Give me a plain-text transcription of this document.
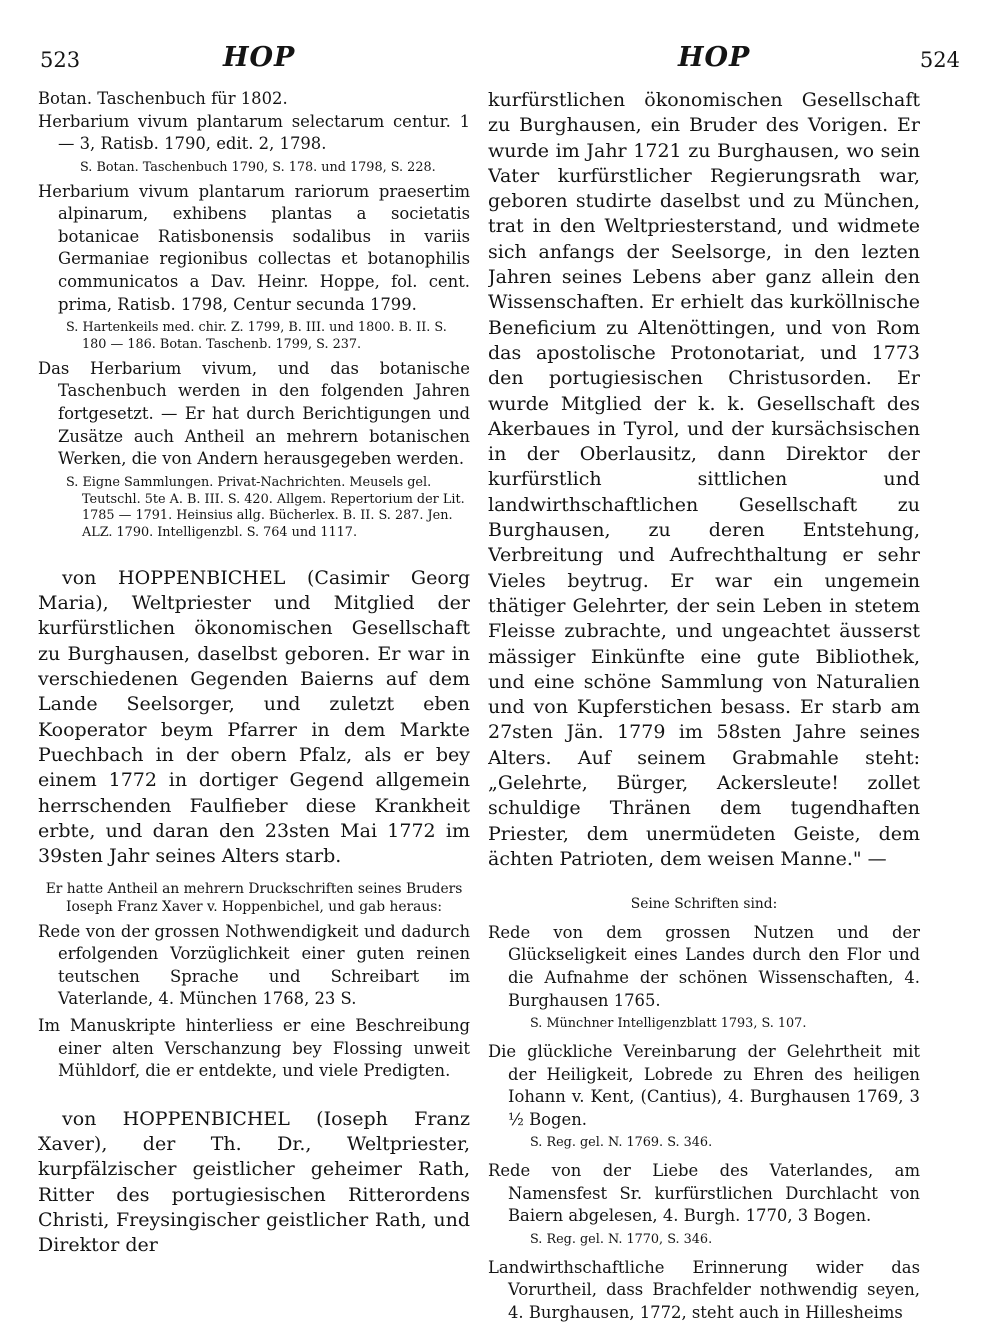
523	HOP	HOP	524
Botan. Taschenbuch für 1802.
Herbarium vivum plantarum selectarum centur. 1 — 3, Ratisb. 1790, edit. 2, 1798.
S. Botan. Taschenbuch 1790, S. 178. und 1798, S. 228.
Herbarium vivum plantarum rariorum praesertim alpinarum, exhibens plantas a societatis botanicae Ratisbonensis sodalibus in variis Germaniae regionibus collectas et botanophilis communicatos a Dav. Heinr. Hoppe, fol. cent. prima, Ratisb. 1798, Centur secunda 1799.
S. Hartenkeils med. chir. Z. 1799, B. III. und 1800. B. II. S. 180 — 186. Botan. Taschenb. 1799, S. 237.
Das Herbarium vivum, und das botanische Taschenbuch werden in den folgenden Jahren fortgesetzt. — Er hat durch Berichtigungen und Zusätze auch Antheil an mehrern botanischen Werken, die von Andern herausgegeben werden.
S. Eigne Sammlungen. Privat-Nachrichten. Meusels gel. Teutschl. 5te A. B. III. S. 420. Allgem. Repertorium der Lit. 1785 — 1791. Heinsius allg. Bücherlex. B. II. S. 287. Jen. ALZ. 1790. Intelligenzbl. S. 764 und 1117.
von HOPPENBICHEL (Casimir Georg Maria), Weltpriester und Mitglied der kurfürstlichen ökonomischen Gesellschaft zu Burghausen, daselbst geboren. Er war in verschiedenen Gegenden Baierns auf dem Lande Seelsorger, und zuletzt eben Kooperator beym Pfarrer in dem Markte Puechbach in der obern Pfalz, als er bey einem 1772 in dortiger Gegend allgemein herrschenden Faulfieber diese Krankheit erbte, und daran den 23sten Mai 1772 im 39sten Jahr seines Alters starb.
Er hatte Antheil an mehrern Druckschriften seines Bruders Ioseph Franz Xaver v. Hoppenbichel, und gab heraus:
Rede von der grossen Nothwendigkeit und dadurch erfolgenden Vorzüglichkeit einer guten reinen teutschen Sprache und Schreibart im Vaterlande, 4. München 1768, 23 S.
Im Manuskripte hinterliess er eine Beschreibung einer alten Verschanzung bey Flossing unweit Mühldorf, die er entdekte, und viele Predigten.
von HOPPENBICHEL (Ioseph Franz Xaver), der Th. Dr., Weltpriester, kurpfälzischer geistlicher geheimer Rath, Ritter des portugiesischen Ritterordens Christi, Freysingischer geistlicher Rath, und Direktor der
kurfürstlichen ökonomischen Gesellschaft zu Burghausen, ein Bruder des Vorigen. Er wurde im Jahr 1721 zu Burghausen, wo sein Vater kurfürstlicher Regierungsrath war, geboren studirte daselbst und zu München, trat in den Weltpriesterstand, und widmete sich anfangs der Seelsorge, in den lezten Jahren seines Lebens aber ganz allein den Wissenschaften. Er erhielt das kurköllnische Beneficium zu Altenöttingen, und von Rom das apostolische Protonotariat, und 1773 den portugiesischen Christusorden. Er wurde Mitglied der k. k. Gesellschaft des Akerbaues in Tyrol, und der kursächsischen in der Oberlausitz, dann Direktor der kurfürstlich sittlichen und landwirthschaftlichen Gesellschaft zu Burghausen, zu deren Entstehung, Verbreitung und Aufrechthaltung er sehr Vieles beytrug. Er war ein ungemein thätiger Gelehrter, der sein Leben in stetem Fleisse zubrachte, und ungeachtet äusserst mässiger Einkünfte eine gute Bibliothek, und eine schöne Sammlung von Naturalien und von Kupferstichen besass. Er starb am 27sten Jän. 1779 im 58sten Jahre seines Alters. Auf seinem Grabmahle steht: „Gelehrte, Bürger, Ackersleute! zollet schuldige Thränen dem tugendhaften Priester, dem unermüdeten Geiste, dem ächten Patrioten, dem weisen Manne." —
Seine Schriften sind:
Rede von dem grossen Nutzen und der Glückseligkeit eines Landes durch den Flor und die Aufnahme der schönen Wissenschaften, 4. Burghausen 1765.
S. Münchner Intelligenzblatt 1793, S. 107.
Die glückliche Vereinbarung der Gelehrtheit mit der Heiligkeit, Lobrede zu Ehren des heiligen Iohann v. Kent, (Cantius), 4. Burghausen 1769, 3 ½ Bogen.
S. Reg. gel. N. 1769. S. 346.
Rede von der Liebe des Vaterlandes, am Namensfest Sr. kurfürstlichen Durchlacht von Baiern abgelesen, 4. Burgh. 1770, 3 Bogen.
S. Reg. gel. N. 1770, S. 346.
Landwirthschaftliche Erinnerung wider das Vorurtheil, dass Brachfelder nothwendig seyen, 4. Burghausen, 1772, steht auch in Hillesheims
